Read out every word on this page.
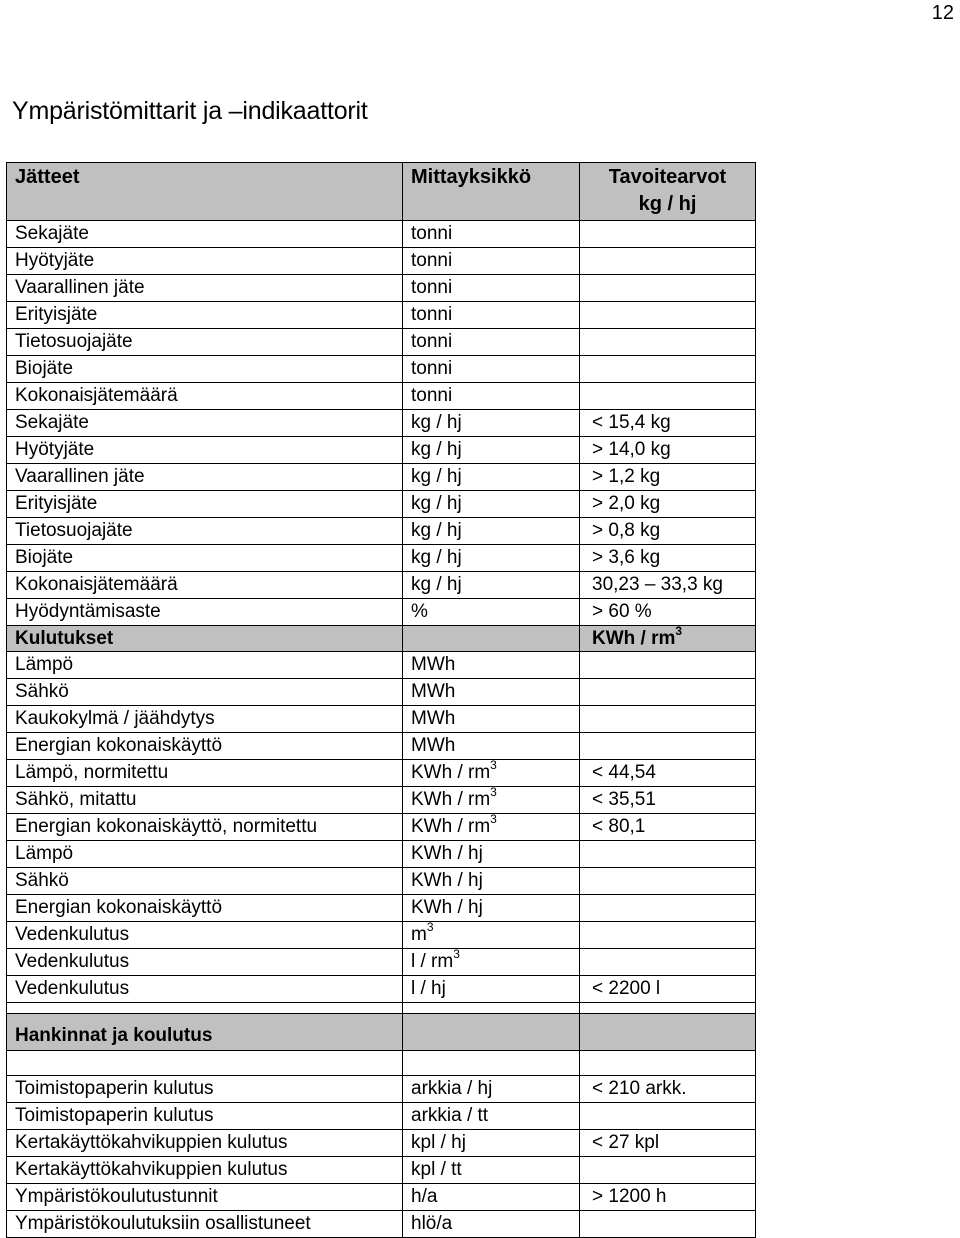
12
Ympäristömittarit ja –indikaattorit
Jätteet	Mittayksikkö	Tavoitearvot
kg / hj
Sekajäte	tonni	
Hyötyjäte	tonni	
Vaarallinen jäte	tonni	
Erityisjäte	tonni	
Tietosuojajäte	tonni	
Biojäte	tonni	
Kokonaisjätemäärä	tonni	
Sekajäte	kg / hj	< 15,4 kg
Hyötyjäte	kg / hj	> 14,0 kg
Vaarallinen jäte	kg / hj	> 1,2 kg
Erityisjäte	kg / hj	> 2,0 kg
Tietosuojajäte	kg / hj	> 0,8 kg
Biojäte	kg / hj	> 3,6 kg
Kokonaisjätemäärä	kg / hj	30,23 – 33,3 kg
Hyödyntämisaste	%	> 60 %
Kulutukset		KWh / $rm^3$
Lämpö	MWh	
Sähkö	MWh	
Kaukokylmä / jäähdytys	MWh	
Energian kokonaiskäyttö	MWh	
Lämpö, normitettu	KWh / $rm^3$	< 44,54
Sähkö, mitattu	KWh / $rm^3$	< 35,51
Energian kokonaiskäyttö, normitettu	KWh / $rm^3$	< 80,1
Lämpö	KWh / hj	
Sähkö	KWh / hj	
Energian kokonaiskäyttö	KWh / hj	
Vedenkulutus	$m^3$	
Vedenkulutus	l / $rm^3$	
Vedenkulutus	l / hj	< 2200 l

Hankinnat ja koulutus		

Toimistopaperin kulutus	arkkia / hj	< 210 arkk.
Toimistopaperin kulutus	arkkia / tt	
Kertakäyttökahvikuppien kulutus	kpl / hj	< 27 kpl
Kertakäyttökahvikuppien kulutus	kpl / tt	
Ympäristökoulutustunnit	h/a	> 1200 h
Ympäristökoulutuksiin osallistuneet	hlö/a	
